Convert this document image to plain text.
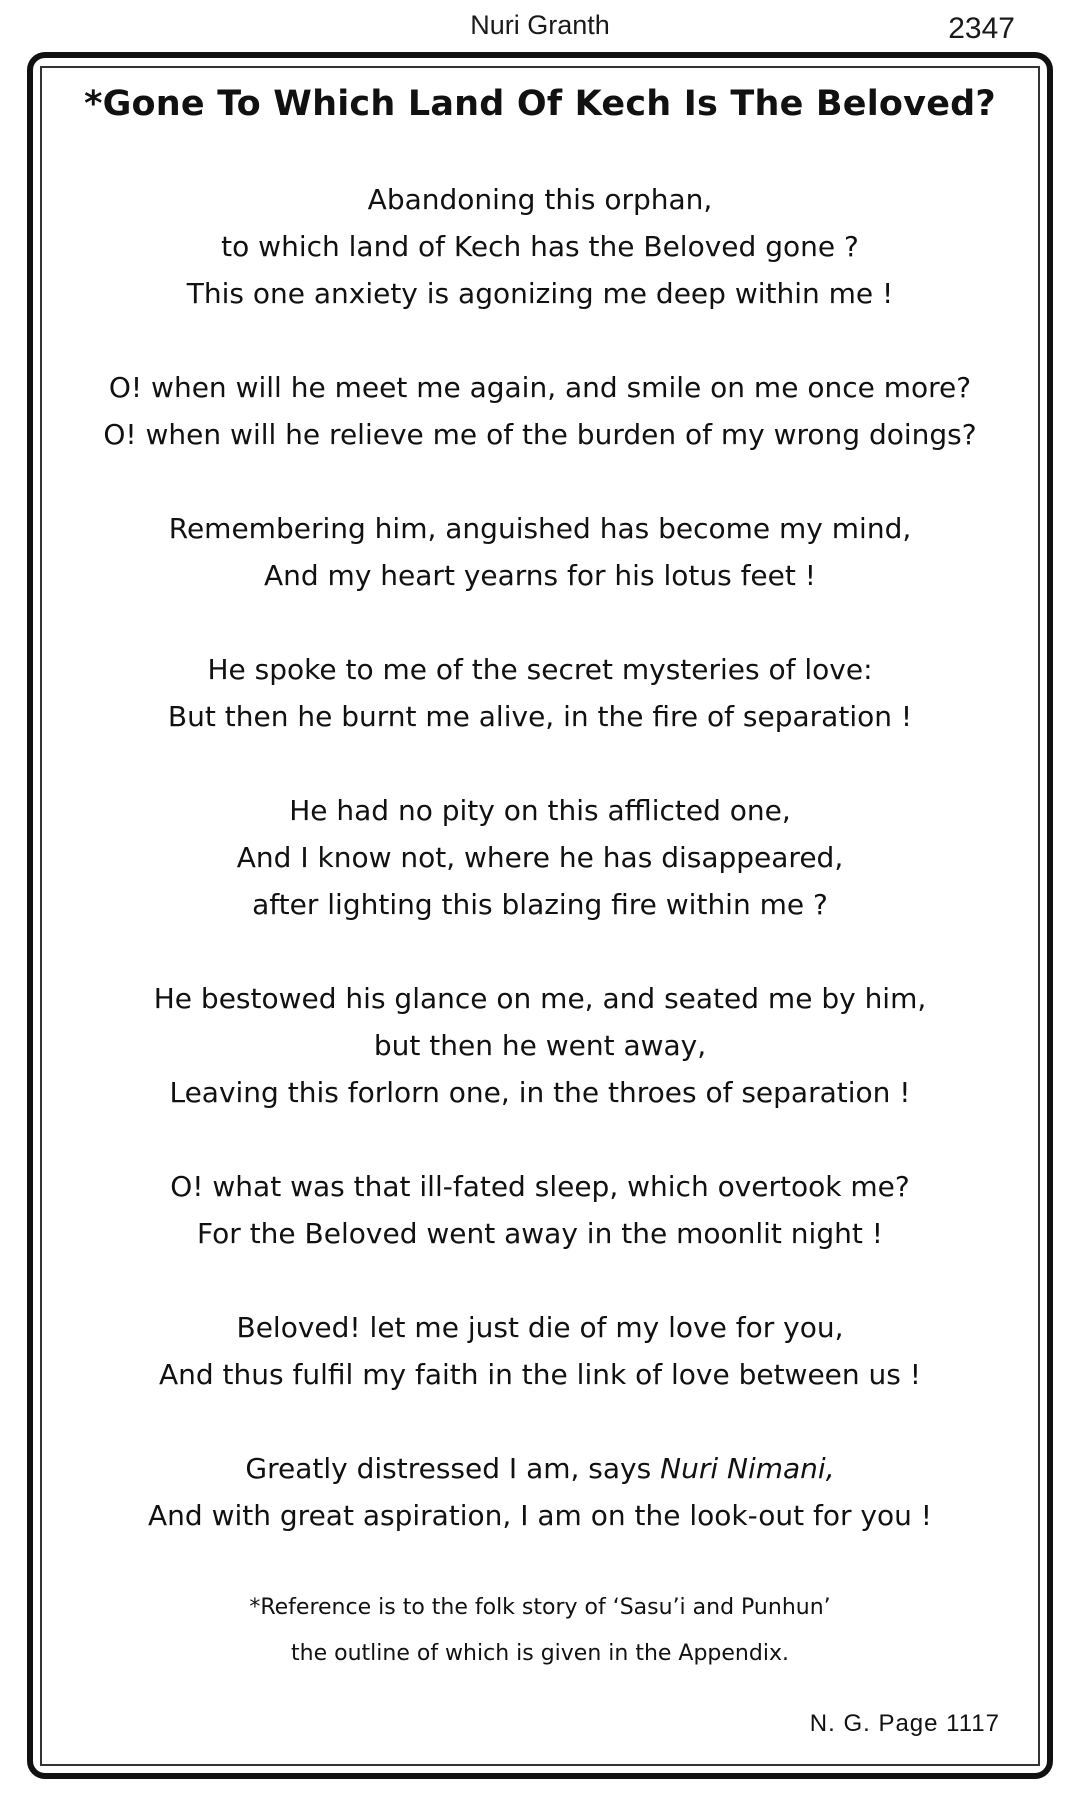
Nuri Granth	2347
*Gone To Which Land Of Kech Is The Beloved?

Abandoning this orphan,
to which land of Kech has the Beloved gone ?
This one anxiety is agonizing me deep within me !

O! when will he meet me again, and smile on me once more?
O! when will he relieve me of the burden of my wrong doings?

Remembering him, anguished has become my mind,
And my heart yearns for his lotus feet !

He spoke to me of the secret mysteries of love:
But then he burnt me alive, in the fire of separation !

He had no pity on this afflicted one,
And I know not, where he has disappeared,
after lighting this blazing fire within me ?

He bestowed his glance on me, and seated me by him,
but then he went away,
Leaving this forlorn one, in the throes of separation !

O! what was that ill-fated sleep, which overtook me?
For the Beloved went away in the moonlit night !

Beloved! let me just die of my love for you,
And thus fulfil my faith in the link of love between us !

Greatly distressed I am, says Nuri Nimani,
And with great aspiration, I am on the look-out for you !

*Reference is to the folk story of ‘Sasu’i and Punhun’
the outline of which is given in the Appendix.
N. G. Page 1117
